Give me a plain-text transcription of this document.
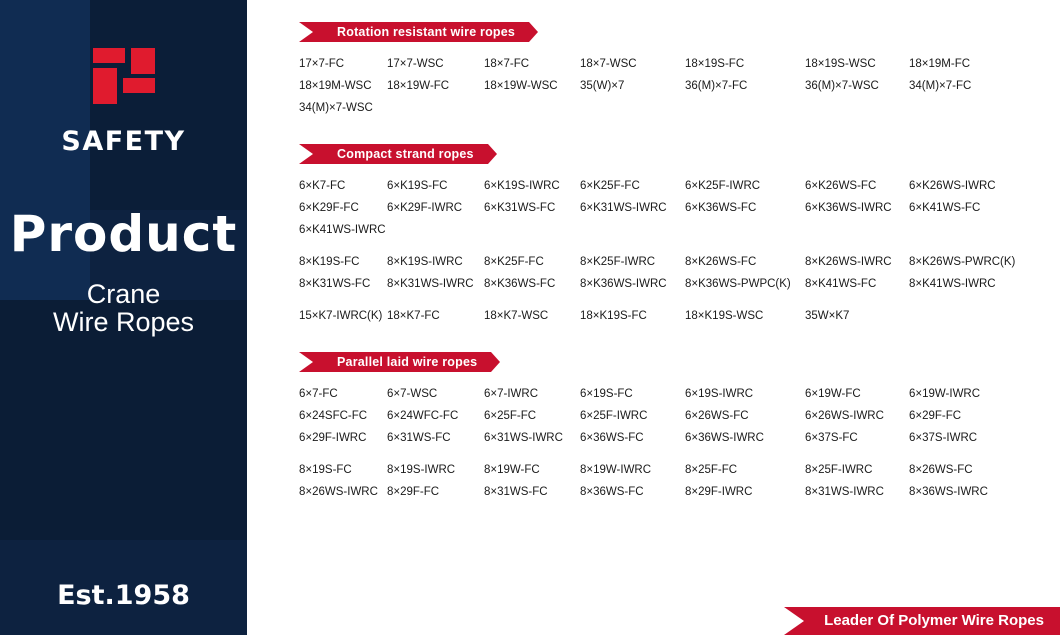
SAFETY
Product
Crane
Wire Ropes
Est.1958
Rotation resistant wire ropes
17×7-FC	17×7-WSC	18×7-FC	18×7-WSC	18×19S-FC	18×19S-WSC	18×19M-FC
18×19M-WSC	18×19W-FC	18×19W-WSC	35(W)×7	36(M)×7-FC	36(M)×7-WSC	34(M)×7-FC
34(M)×7-WSC
Compact strand ropes
6×K7-FC	6×K19S-FC	6×K19S-IWRC	6×K25F-FC	6×K25F-IWRC	6×K26WS-FC	6×K26WS-IWRC
6×K29F-FC	6×K29F-IWRC	6×K31WS-FC	6×K31WS-IWRC	6×K36WS-FC	6×K36WS-IWRC	6×K41WS-FC
6×K41WS-IWRC
8×K19S-FC	8×K19S-IWRC	8×K25F-FC	8×K25F-IWRC	8×K26WS-FC	8×K26WS-IWRC	8×K26WS-PWRC(K)
8×K31WS-FC	8×K31WS-IWRC 8×K36WS-FC	8×K36WS-IWRC	8×K36WS-PWPC(K)	8×K41WS-FC	8×K41WS-IWRC
15×K7-IWRC(K) 18×K7-FC	18×K7-WSC	18×K19S-FC	18×K19S-WSC	35W×K7
Parallel laid wire ropes
6×7-FC	6×7-WSC	6×7-IWRC	6×19S-FC	6×19S-IWRC	6×19W-FC	6×19W-IWRC
6×24SFC-FC	6×24WFC-FC	6×25F-FC	6×25F-IWRC	6×26WS-FC	6×26WS-IWRC	6×29F-FC
6×29F-IWRC	6×31WS-FC	6×31WS-IWRC	6×36WS-FC	6×36WS-IWRC	6×37S-FC	6×37S-IWRC
8×19S-FC	8×19S-IWRC	8×19W-FC	8×19W-IWRC	8×25F-FC	8×25F-IWRC	8×26WS-FC
8×26WS-IWRC 8×29F-FC	8×31WS-FC	8×36WS-FC	8×29F-IWRC	8×31WS-IWRC	8×36WS-IWRC
Leader Of Polymer Wire Ropes
